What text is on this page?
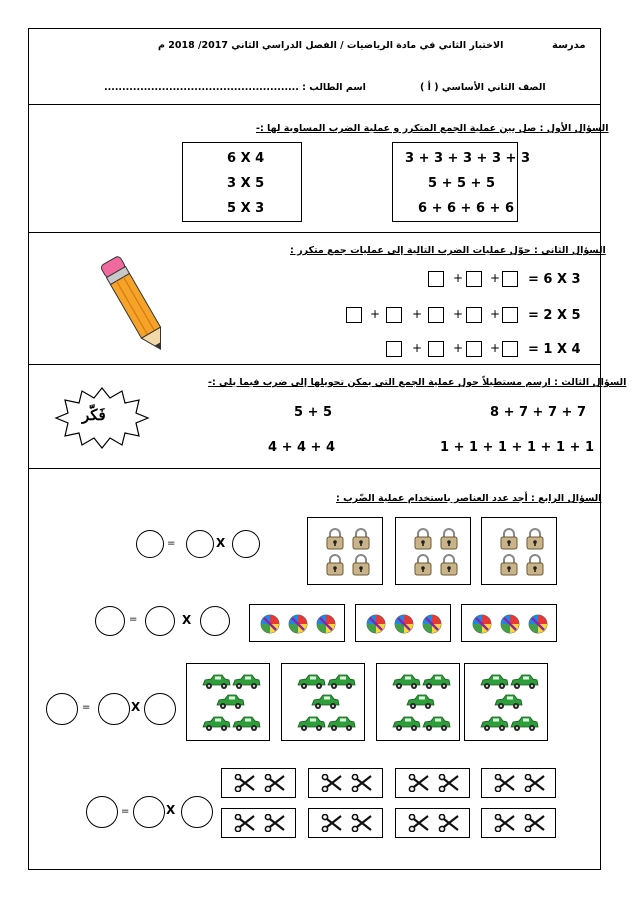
مدرسة
الاختبار الثاني في مادة الرياضيات / الفصل الدراسي الثاني 2017/ 2018 م
الصف الثاني الأساسي ( أ )
اسم الطالب : ......................................................
السؤال الأول : صل بين عملية الجمع المتكرر و عملية الضرب المساوية لها :-
6 X 4
3 X 5
5 X 3
3 + 3 + 3 + 3 + 3
5 + 5 + 5
6 + 6 + 6 + 6
السؤال الثاني : حوّل عمليات الضرب التالية إلى عمليات جمع متكرر :
= 6 X 3
+
+
= 2 X 5
+
+
+
+
= 1 X 4
+
+
+
السؤال الثالث : ارسم مستطيلاً حول عملية الجمع التي يمكن تحويلها إلى ضرب فيما يلي :-
8 + 7 + 7 + 7
5 + 5
1 + 1 + 1 + 1 + 1 + 1
4 + 4 + 4
فَكّر
السؤال الرابع : أجد عدد العناصر باستخدام عملية الضّرب :
=	X
=	X
=	X
=	X
